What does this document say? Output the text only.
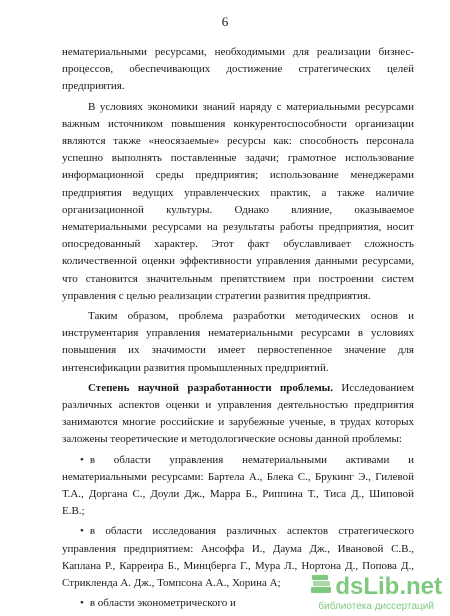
6

нематериальными ресурсами, необходимыми для реализации бизнес-процессов, обеспечивающих достижение стратегических целей предприятия.

В условиях экономики знаний наряду с материальными ресурсами важным источником повышения конкурентоспособности организации являются также «неосязаемые» ресурсы как: способность персонала успешно выполнять поставленные задачи; грамотное использование информационной среды предприятия; использование менеджерами предприятия ведущих управленческих практик, а также наличие организационной культуры. Однако влияние, оказываемое нематериальными ресурсами на результаты работы предприятия, носит опосредованный характер. Этот факт обуславливает сложность количественной оценки эффективности управления данными ресурсами, что становится значительным препятствием при построении систем управления с целью реализации стратегии развития предприятия.

Таким образом, проблема разработки методических основ и инструментария управления нематериальными ресурсами в условиях повышения их значимости имеет первостепенное значение для интенсификации развития промышленных предприятий.

Степень научной разработанности проблемы. Исследованием различных аспектов оценки и управления деятельностью предприятия занимаются многие российские и зарубежные ученые, в трудах которых заложены теоретические и методологические основы данной проблемы:

• в области управления нематериальными активами и нематериальными ресурсами: Бартела А., Блека С., Брукинг Э., Гилевой Т.А., Доргана С., Доули Дж., Марра Б., Риппина Т., Тиса Д., Шиповой Е.В.;

• в области исследования различных аспектов стратегического управления предприятием: Ансоффа И., Даума Дж., Ивановой С.В., Каплана Р., Карреира Б., Минцберга Г., Мура Л., Нортона Д., Попова Д., Стрикленда А. Дж., Томпсона А.А., Хорина А;

• в области эконометрического и

dsLib.net
библиотека диссертаций
